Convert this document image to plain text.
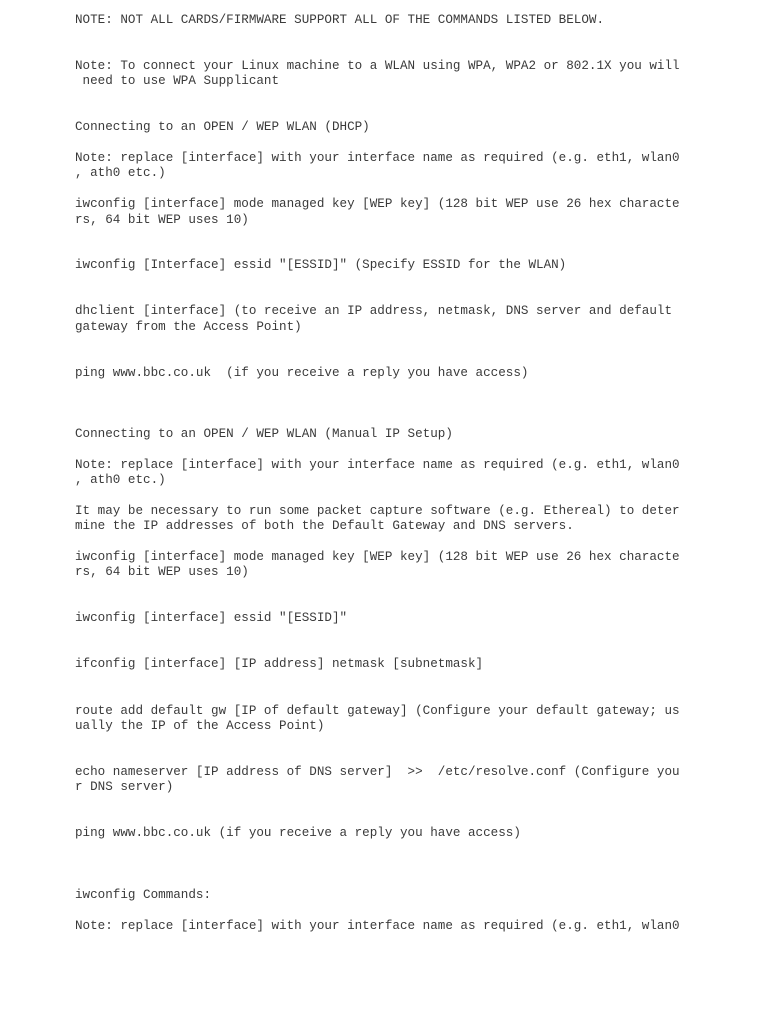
NOTE: NOT ALL CARDS/FIRMWARE SUPPORT ALL OF THE COMMANDS LISTED BELOW.

Note: To connect your Linux machine to a WLAN using WPA, WPA2 or 802.1X you will

need to use WPA Supplicant

Connecting to an OPEN / WEP WLAN (DHCP)

Note: replace [interface] with your interface name as required (e.g. eth1, wlan0

, ath0 etc.)

iwconfig [interface] mode managed key [WEP key] (128 bit WEP use 26 hex characte

rs, 64 bit WEP uses 10)

iwconfig [Interface] essid "[ESSID]" (Specify ESSID for the WLAN)

dhclient [interface] (to receive an IP address, netmask, DNS server and default

gateway from the Access Point)

ping www.bbc.co.uk  (if you receive a reply you have access)

Connecting to an OPEN / WEP WLAN (Manual IP Setup)

Note: replace [interface] with your interface name as required (e.g. eth1, wlan0

, ath0 etc.)

It may be necessary to run some packet capture software (e.g. Ethereal) to deter

mine the IP addresses of both the Default Gateway and DNS servers.

iwconfig [interface] mode managed key [WEP key] (128 bit WEP use 26 hex characte

rs, 64 bit WEP uses 10)

iwconfig [interface] essid "[ESSID]"

ifconfig [interface] [IP address] netmask [subnetmask]

route add default gw [IP of default gateway] (Configure your default gateway; us

ually the IP of the Access Point)

echo nameserver [IP address of DNS server]  >>  /etc/resolve.conf (Configure you

r DNS server)

ping www.bbc.co.uk (if you receive a reply you have access)

iwconfig Commands:

Note: replace [interface] with your interface name as required (e.g. eth1, wlan0
